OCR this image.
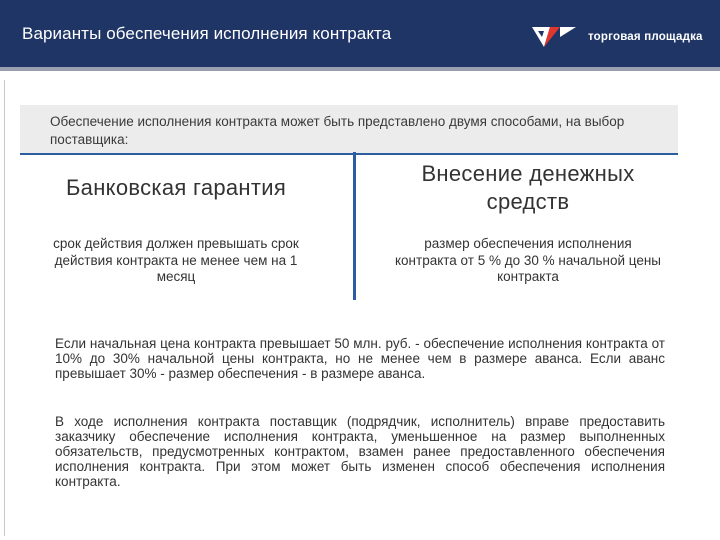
Варианты обеспечения исполнения контракта	торговая площадка
Обеспечение исполнения контракта может быть представлено двумя способами, на выбор поставщика:
Банковская гарантия
срок действия должен превышать срок действия контракта не менее чем на 1 месяц
Внесение денежных средств
размер обеспечения исполнения контракта от 5 % до 30 % начальной цены контракта
Если начальная цена контракта превышает 50 млн. руб. - обеспечение исполнения контракта от 10% до 30% начальной цены контракта, но не менее чем в размере аванса. Если аванс превышает 30% - размер обеспечения - в размере аванса.
В ходе исполнения контракта поставщик (подрядчик, исполнитель) вправе предоставить заказчику обеспечение исполнения контракта, уменьшенное на размер выполненных обязательств, предусмотренных контрактом, взамен ранее предоставленного обеспечения исполнения контракта. При этом может быть изменен способ обеспечения исполнения контракта.
